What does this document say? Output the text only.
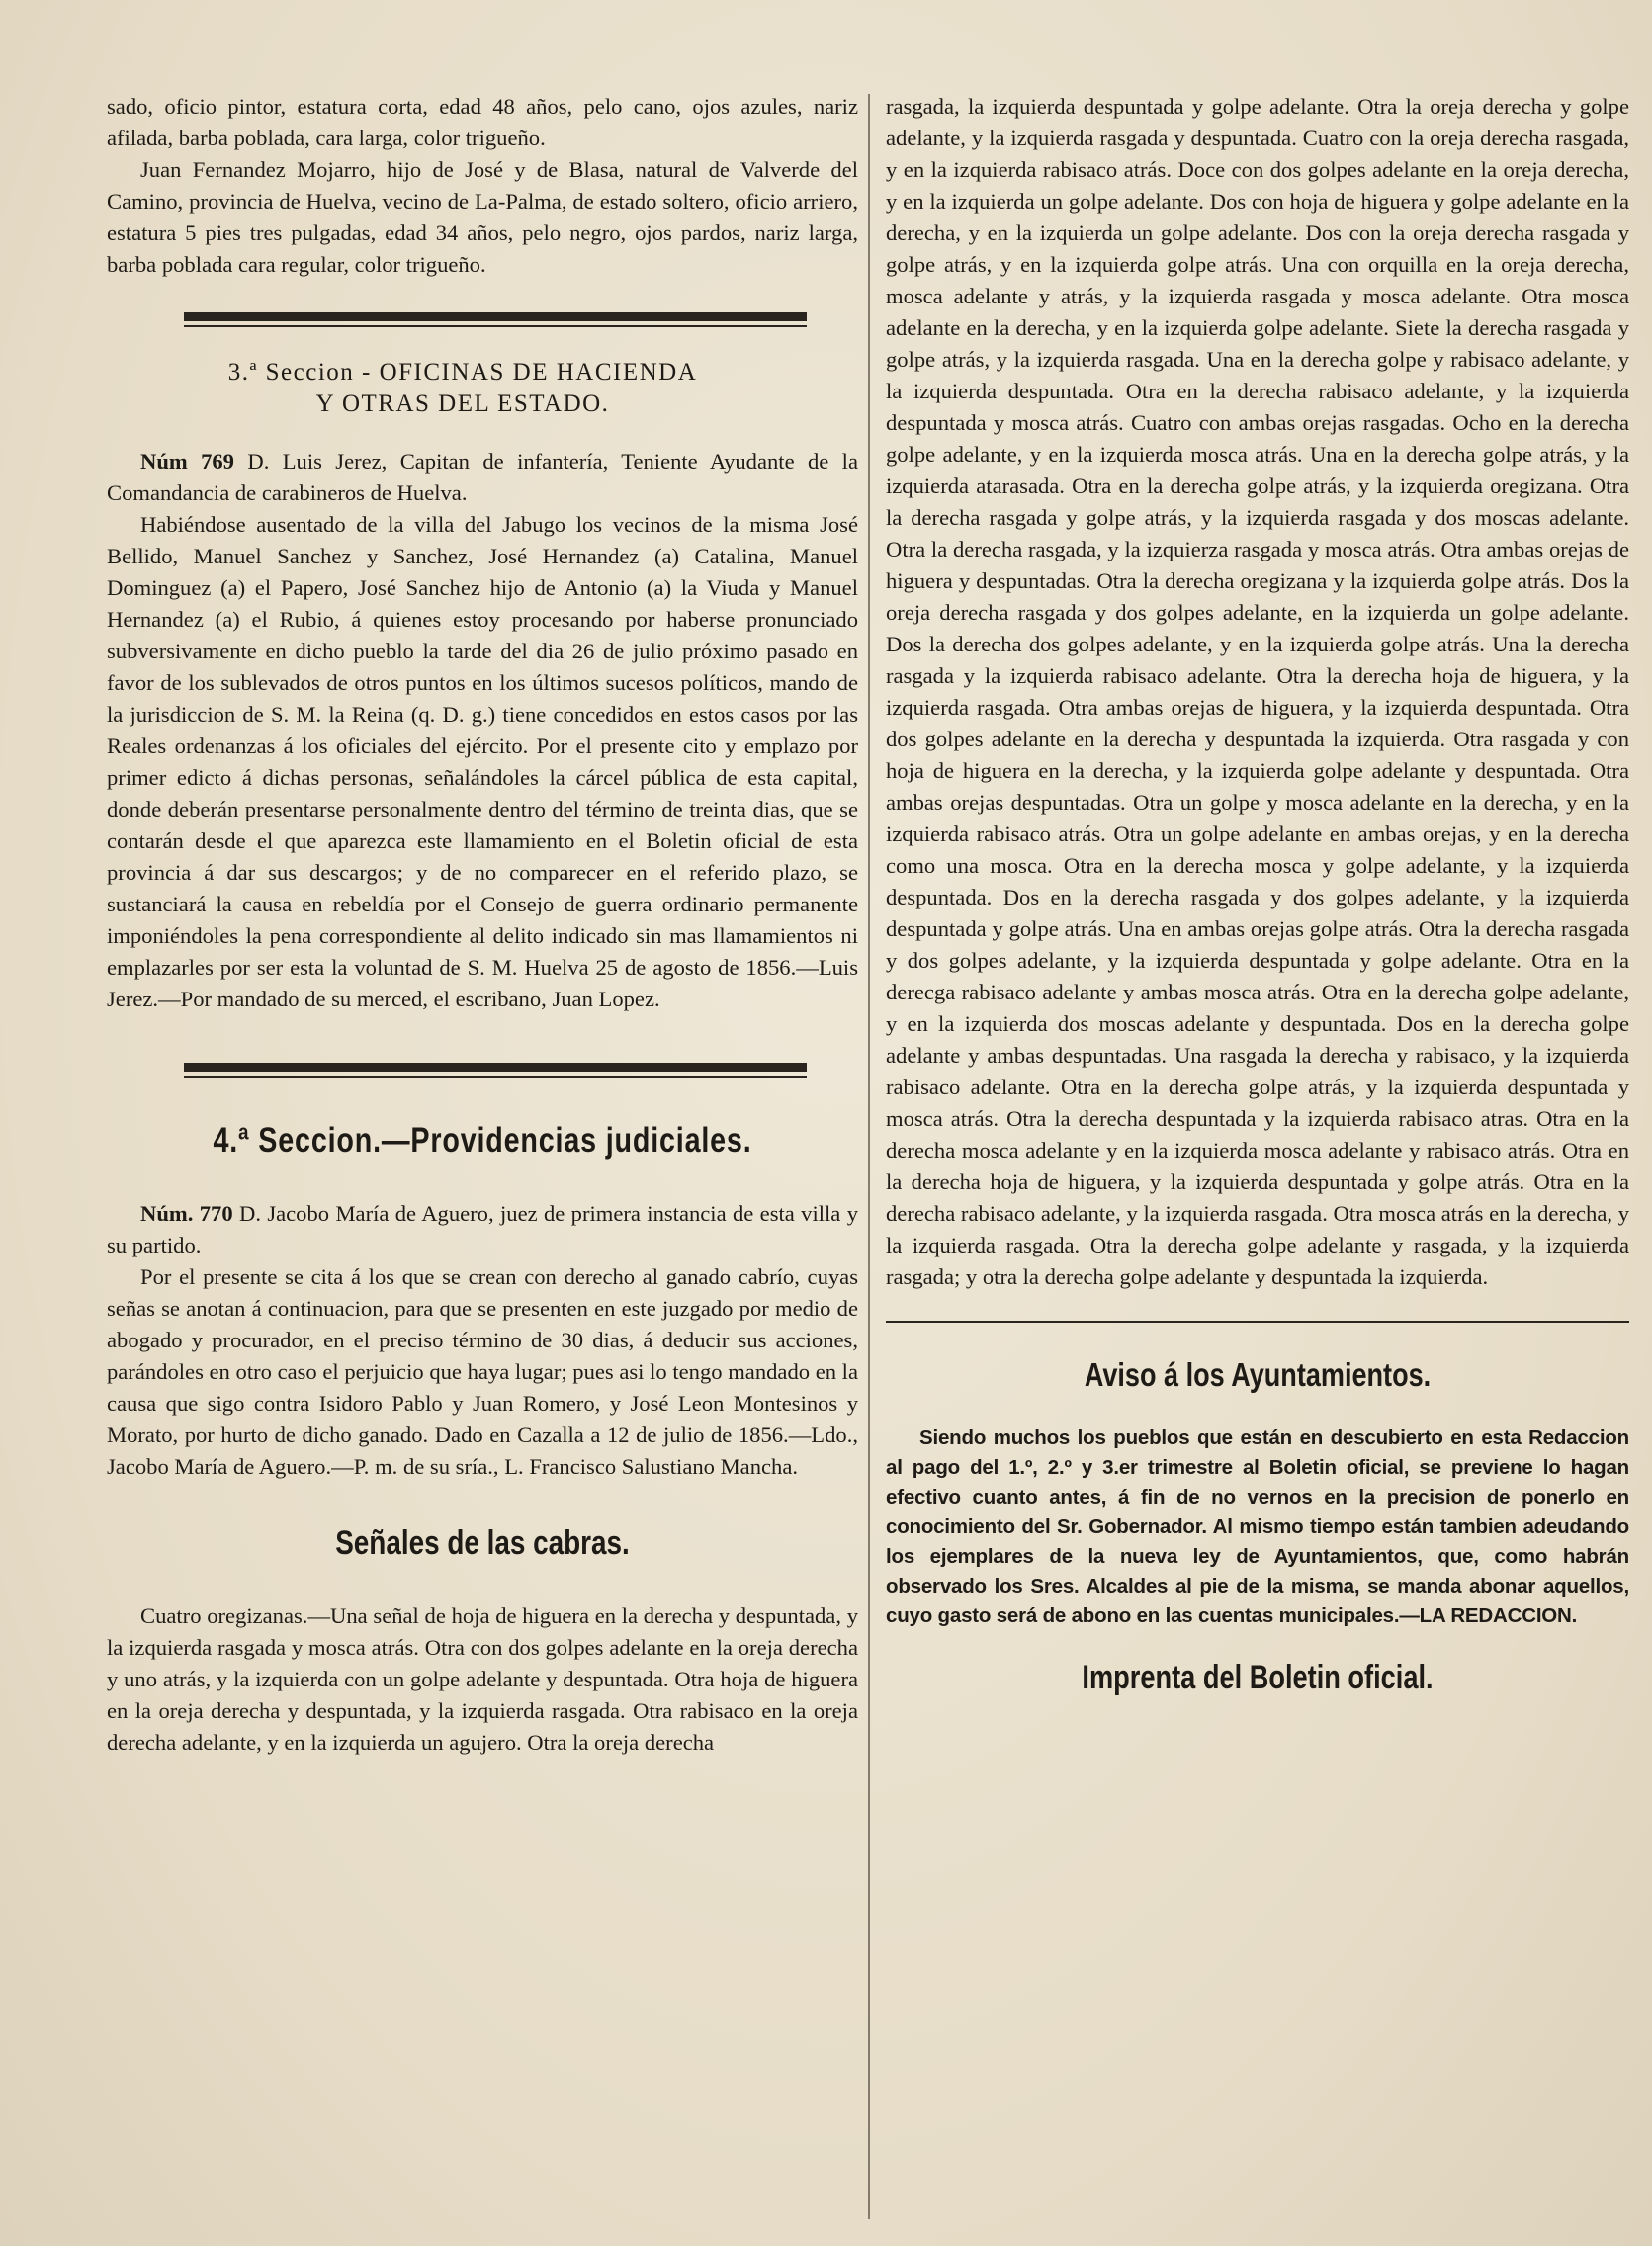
sado, oficio pintor, estatura corta, edad 48 años, pelo cano, ojos azules, nariz afilada, barba poblada, cara larga, color trigueño.

Juan Fernandez Mojarro, hijo de José y de Blasa, natural de Valverde del Camino, provincia de Huelva, vecino de La-Palma, de estado soltero, oficio arriero, estatura 5 pies tres pulgadas, edad 34 años, pelo negro, ojos pardos, nariz larga, barba poblada cara regular, color trigueño.

3.ª Seccion - OFICINAS DE HACIENDA
Y OTRAS DEL ESTADO.

Núm 769 D. Luis Jerez, Capitan de infantería, Teniente Ayudante de la Comandancia de carabineros de Huelva.

Habiéndose ausentado de la villa del Jabugo los vecinos de la misma José Bellido, Manuel Sanchez y Sanchez, José Hernandez (a) Catalina, Manuel Dominguez (a) el Papero, José Sanchez hijo de Antonio (a) la Viuda y Manuel Hernandez (a) el Rubio, á quienes estoy procesando por haberse pronunciado subversivamente en dicho pueblo la tarde del dia 26 de julio próximo pasado en favor de los sublevados de otros puntos en los últimos sucesos políticos, mando de la jurisdiccion de S. M. la Reina (q. D. g.) tiene concedidos en estos casos por las Reales ordenanzas á los oficiales del ejército. Por el presente cito y emplazo por primer edicto á dichas personas, señalándoles la cárcel pública de esta capital, donde deberán presentarse personalmente dentro del término de treinta dias, que se contarán desde el que aparezca este llamamiento en el Boletin oficial de esta provincia á dar sus descargos; y de no comparecer en el referido plazo, se sustanciará la causa en rebeldía por el Consejo de guerra ordinario permanente imponiéndoles la pena correspondiente al delito indicado sin mas llamamientos ni emplazarles por ser esta la voluntad de S. M. Huelva 25 de agosto de 1856.—Luis Jerez.—Por mandado de su merced, el escribano, Juan Lopez.

4.ª Seccion.—Providencias judiciales.

Núm. 770 D. Jacobo María de Aguero, juez de primera instancia de esta villa y su partido.

Por el presente se cita á los que se crean con derecho al ganado cabrío, cuyas señas se anotan á continuacion, para que se presenten en este juzgado por medio de abogado y procurador, en el preciso término de 30 dias, á deducir sus acciones, parándoles en otro caso el perjuicio que haya lugar; pues asi lo tengo mandado en la causa que sigo contra Isidoro Pablo y Juan Romero, y José Leon Montesinos y Morato, por hurto de dicho ganado. Dado en Cazalla a 12 de julio de 1856.—Ldo., Jacobo María de Aguero.—P. m. de su sría., L. Francisco Salustiano Mancha.

Señales de las cabras.

Cuatro oregizanas.—Una señal de hoja de higuera en la derecha y despuntada, y la izquierda rasgada y mosca atrás. Otra con dos golpes adelante en la oreja derecha y uno atrás, y la izquierda con un golpe adelante y despuntada. Otra hoja de higuera en la oreja derecha y despuntada, y la izquierda rasgada. Otra rabisaco en la oreja derecha adelante, y en la izquierda un agujero. Otra la oreja derecha

rasgada, la izquierda despuntada y golpe adelante. Otra la oreja derecha y golpe adelante, y la izquierda rasgada y despuntada. Cuatro con la oreja derecha rasgada, y en la izquierda rabisaco atrás. Doce con dos golpes adelante en la oreja derecha, y en la izquierda un golpe adelante. Dos con hoja de higuera y golpe adelante en la derecha, y en la izquierda un golpe adelante. Dos con la oreja derecha rasgada y golpe atrás, y en la izquierda golpe atrás. Una con orquilla en la oreja derecha, mosca adelante y atrás, y la izquierda rasgada y mosca adelante. Otra mosca adelante en la derecha, y en la izquierda golpe adelante. Siete la derecha rasgada y golpe atrás, y la izquierda rasgada. Una en la derecha golpe y rabisaco adelante, y la izquierda despuntada. Otra en la derecha rabisaco adelante, y la izquierda despuntada y mosca atrás. Cuatro con ambas orejas rasgadas. Ocho en la derecha golpe adelante, y en la izquierda mosca atrás. Una en la derecha golpe atrás, y la izquierda atarasada. Otra en la derecha golpe atrás, y la izquierda oregizana. Otra la derecha rasgada y golpe atrás, y la izquierda rasgada y dos moscas adelante. Otra la derecha rasgada, y la izquierza rasgada y mosca atrás. Otra ambas orejas de higuera y despuntadas. Otra la derecha oregizana y la izquierda golpe atrás. Dos la oreja derecha rasgada y dos golpes adelante, en la izquierda un golpe adelante. Dos la derecha dos golpes adelante, y en la izquierda golpe atrás. Una la derecha rasgada y la izquierda rabisaco adelante. Otra la derecha hoja de higuera, y la izquierda rasgada. Otra ambas orejas de higuera, y la izquierda despuntada. Otra dos golpes adelante en la derecha y despuntada la izquierda. Otra rasgada y con hoja de higuera en la derecha, y la izquierda golpe adelante y despuntada. Otra ambas orejas despuntadas. Otra un golpe y mosca adelante en la derecha, y en la izquierda rabisaco atrás. Otra un golpe adelante en ambas orejas, y en la derecha como una mosca. Otra en la derecha mosca y golpe adelante, y la izquierda despuntada. Dos en la derecha rasgada y dos golpes adelante, y la izquierda despuntada y golpe atrás. Una en ambas orejas golpe atrás. Otra la derecha rasgada y dos golpes adelante, y la izquierda despuntada y golpe adelante. Otra en la derecga rabisaco adelante y ambas mosca atrás. Otra en la derecha golpe adelante, y en la izquierda dos moscas adelante y despuntada. Dos en la derecha golpe adelante y ambas despuntadas. Una rasgada la derecha y rabisaco, y la izquierda rabisaco adelante. Otra en la derecha golpe atrás, y la izquierda despuntada y mosca atrás. Otra la derecha despuntada y la izquierda rabisaco atras. Otra en la derecha mosca adelante y en la izquierda mosca adelante y rabisaco atrás. Otra en la derecha hoja de higuera, y la izquierda despuntada y golpe atrás. Otra en la derecha rabisaco adelante, y la izquierda rasgada. Otra mosca atrás en la derecha, y la izquierda rasgada. Otra la derecha golpe adelante y rasgada, y la izquierda rasgada; y otra la derecha golpe adelante y despuntada la izquierda.

Aviso á los Ayuntamientos.

Siendo muchos los pueblos que están en descubierto en esta Redaccion al pago del 1.º, 2.º y 3.er trimestre al Boletin oficial, se previene lo hagan efectivo cuanto antes, á fin de no vernos en la precision de ponerlo en conocimiento del Sr. Gobernador. Al mismo tiempo están tambien adeudando los ejemplares de la nueva ley de Ayuntamientos, que, como habrán observado los Sres. Alcaldes al pie de la misma, se manda abonar aquellos, cuyo gasto será de abono en las cuentas municipales.—LA REDACCION.

Imprenta del Boletin oficial.
